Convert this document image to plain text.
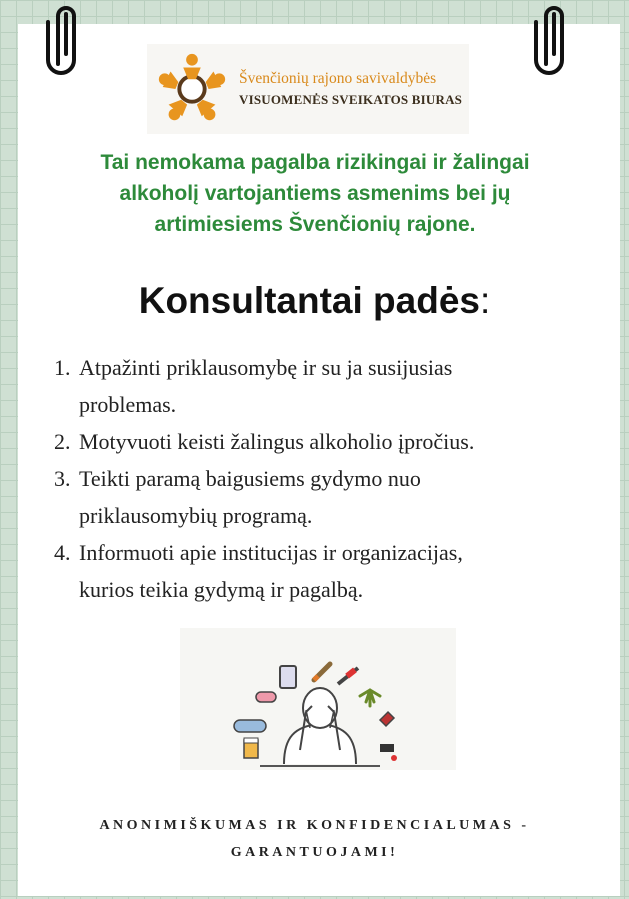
Švenčionių rajono savivaldybės
VISUOMENĖS SVEIKATOS BIURAS
Tai nemokama pagalba rizikingai ir žalingai
alkoholį vartojantiems asmenims bei jų
artimiesiems Švenčionių rajone.
Konsultantai padės:
1. Atpažinti priklausomybę ir su ja susijusias
problemas.
2. Motyvuoti keisti žalingus alkoholio įpročius.
3. Teikti paramą baigusiems gydymo nuo
priklausomybių programą.
4. Informuoti apie institucijas ir organizacijas,
kurios teikia gydymą ir pagalbą.
ANONIMIŠKUMAS IR KONFIDENCIALUMAS -
GARANTUOJAMI!
